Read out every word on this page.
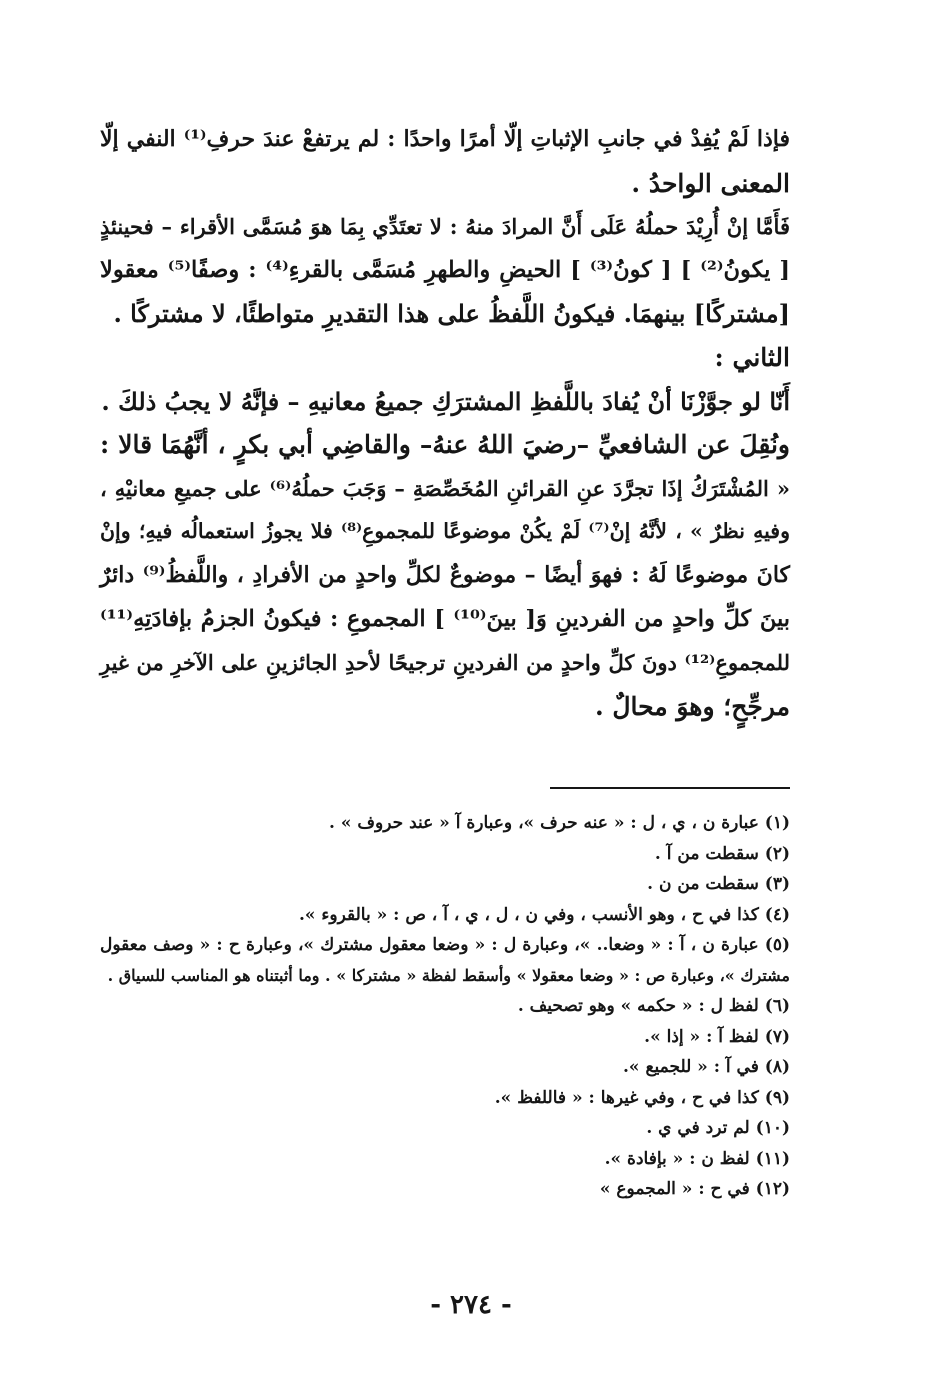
فإذا لَمْ يُفِدْ في جانبِ الإثباتِ إلّا أمرًا واحدًا : لم يرتفعْ عندَ حرفِ⁽¹⁾ النفي إلّا
المعنى الواحدُ .
فَأَمَّا إنْ أُرِيْدَ حملُهُ عَلَى أَنَّ المرادَ منهُ : لا تعتَدِّي بِمَا هوَ مُسَمَّى الأقراء – فحينئذٍ
[ يكونُ⁽²⁾ ] [ كونُ⁽³⁾ ] الحيضِ والطهرِ مُسَمَّى بالقرءِ⁽⁴⁾ : وصفًا⁽⁵⁾ معقولا
[مشتركًا] بينهمَا. فيكونُ اللَّفظُ على هذا التقديرِ متواطئًا، لا مشتركًا .
الثاني :
أَنّا لو جوَّزْنَا أنْ يُفادَ باللَّفظِ المشترَكِ جميعُ معانيهِ – فإنَّهُ لا يجبُ ذلكَ .
ونُقِلَ عن الشافعيِّ –رضيَ اللهُ عنهُ– والقاضِي أبي بكرٍ ، أنَّهُمَا قالا :
« المُشْتَرَكُ إذَا تجرَّدَ عنِ القرائنِ المُخَصِّصَةِ – وَجَبَ حملُهُ⁽⁶⁾ على جميعِ معانيْهِ ،
وفيهِ نظرٌ » ، لأنَّهُ إنْ⁽⁷⁾ لَمْ يكُنْ موضوعًا للمجموعِ⁽⁸⁾ فلا يجوزُ استعمالُه فيهِ؛ وإنْ
كانَ موضوعًا لَهُ : فهوَ أيضًا – موضوعٌ لكلِّ واحدٍ من الأفرادِ ، واللَّفظُ⁽⁹⁾ دائرٌ
بينَ كلِّ واحدٍ من الفردينِ وَ[ بينَ⁽¹⁰⁾ ] المجموعِ : فيكونُ الجزمُ بإفادَتِهِ⁽¹¹⁾
للمجموعِ⁽¹²⁾ دونَ كلِّ واحدٍ من الفردينِ ترجيحًا لأحدِ الجائزينِ على الآخرِ من غيرِ
مرجِّحٍ؛ وهوَ محالٌ .
(١) عبارة ن ، ي ، ل : « عنه حرف »، وعبارة آ « عند حروف » .
(٢) سقطت من آ .
(٣) سقطت من ن .
(٤) كذا في ح ، وهو الأنسب ، وفي ن ، ل ، ي ، آ ، ص : « بالقروء ».
(٥) عبارة ن ، آ : « وضعا.. »، وعبارة ل : « وضعا معقول مشترك »، وعبارة ح : « وصف معقول
مشترك »، وعبارة ص : « وضعا معقولا » وأسقط لفظة « مشتركا » . وما أثبتناه هو المناسب للسياق .
(٦) لفظ ل : « حكمه » وهو تصحيف .
(٧) لفظ آ : « إذا ».
(٨) في آ : « للجميع ».
(٩) كذا في ح ، وفي غيرها : « فاللفظ ».
(١٠) لم ترد في ي .
(١١) لفظ ن : « بإفادة ».
(١٢) في ح : « المجموع »
- ٢٧٤ -
